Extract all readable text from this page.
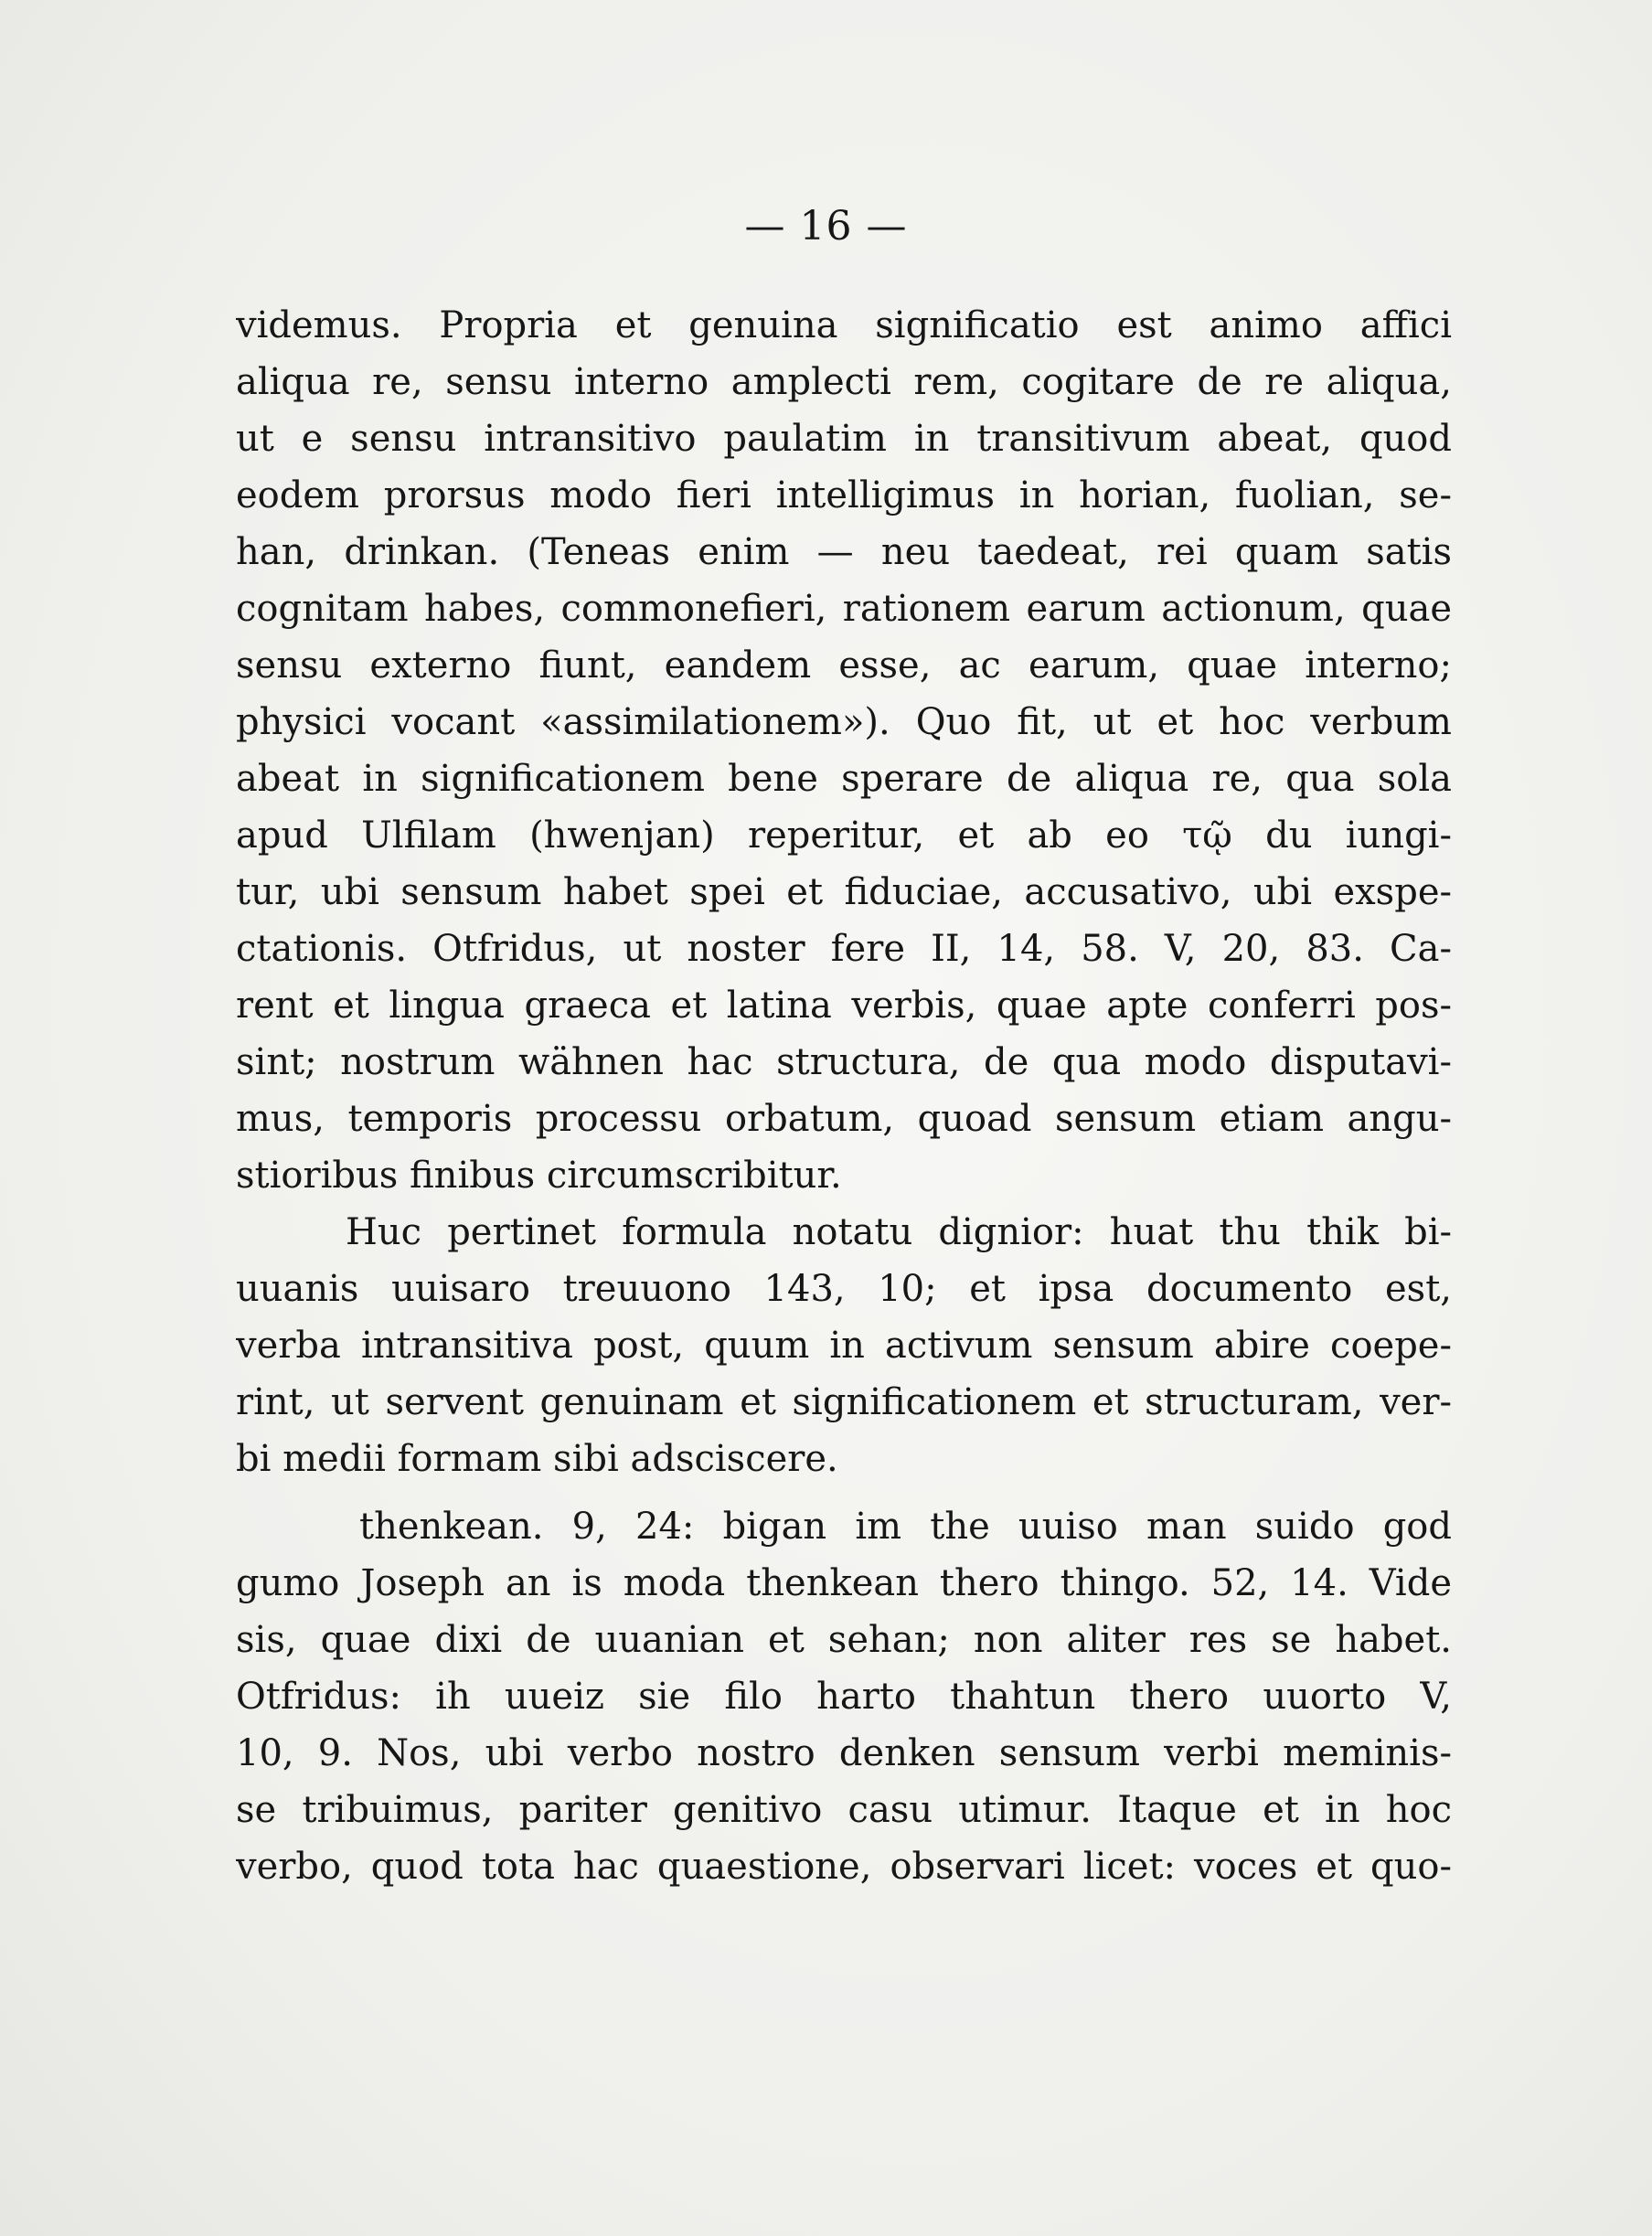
— 16 —
videmus. Propria et genuina significatio est animo affici
aliqua re, sensu interno amplecti rem, cogitare de re aliqua,
ut e sensu intransitivo paulatim in transitivum abeat, quod
eodem prorsus modo fieri intelligimus in horian, fuolian, se-
han, drinkan. (Teneas enim — neu taedeat, rei quam satis
cognitam habes, commonefieri, rationem earum actionum, quae
sensu externo fiunt, eandem esse, ac earum, quae interno;
physici vocant «assimilationem»). Quo fit, ut et hoc verbum
abeat in significationem bene sperare de aliqua re, qua sola
apud Ulfilam (hwenjan) reperitur, et ab eo τῷ du iungi-
tur, ubi sensum habet spei et fiduciae, accusativo, ubi exspe-
ctationis. Otfridus, ut noster fere II, 14, 58. V, 20, 83. Ca-
rent et lingua graeca et latina verbis, quae apte conferri pos-
sint; nostrum wähnen hac structura, de qua modo disputavi-
mus, temporis processu orbatum, quoad sensum etiam angu-
stioribus finibus circumscribitur.
Huc pertinet formula notatu dignior: huat thu thik bi-
uuanis uuisaro treuuono 143, 10; et ipsa documento est,
verba intransitiva post, quum in activum sensum abire coepe-
rint, ut servent genuinam et significationem et structuram, ver-
bi medii formam sibi adsciscere.
thenkean. 9, 24: bigan im the uuiso man suido god
gumo Joseph an is moda thenkean thero thingo. 52, 14. Vide
sis, quae dixi de uuanian et sehan; non aliter res se habet.
Otfridus: ih uueiz sie filo harto thahtun thero uuorto V,
10, 9. Nos, ubi verbo nostro denken sensum verbi meminis-
se tribuimus, pariter genitivo casu utimur. Itaque et in hoc
verbo, quod tota hac quaestione, observari licet: voces et quo-
